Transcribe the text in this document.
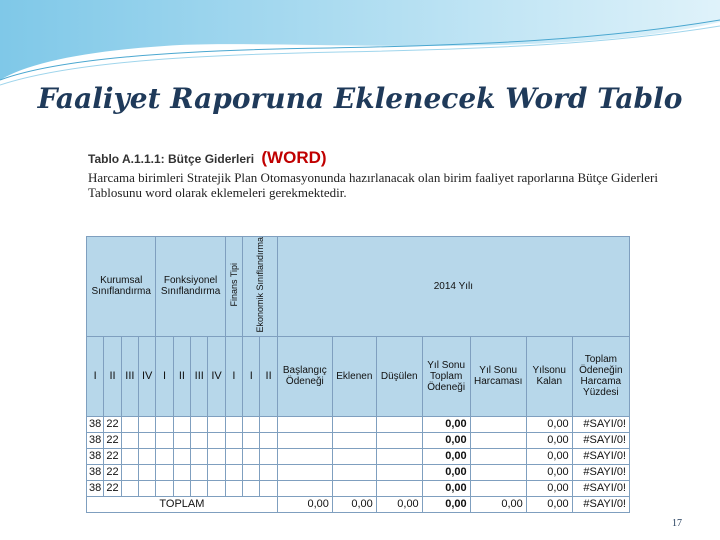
Faaliyet Raporuna Eklenecek Word Tablo
Tablo A.1.1.1: Bütçe Giderleri (WORD)
Harcama birimleri Stratejik Plan Otomasyonunda hazırlanacak olan birim faaliyet raporlarına Bütçe Giderleri Tablosunu word olarak eklemeleri gerekmektedir.
Kurumsal Sınıflandırma				Fonksiyonel Sınıflandırma				Finans Tipi	Ekonomik Sınıflandırma		2014 Yılı						
I	II	III	IV	I	II	III	IV	I	I	II	Başlangıç Ödeneği	Eklenen	Düşülen	Yıl Sonu Toplam Ödeneği	Yıl Sonu Harcaması	Yılsonu Kalan	Toplam Ödeneğin Harcama Yüzdesi
38	22													0,00		0,00	#SAYI/0!
38	22													0,00		0,00	#SAYI/0!
38	22													0,00		0,00	#SAYI/0!
38	22													0,00		0,00	#SAYI/0!
38	22													0,00		0,00	#SAYI/0!
TOPLAM											0,00	0,00	0,00	0,00	0,00	0,00	#SAYI/0!
17
